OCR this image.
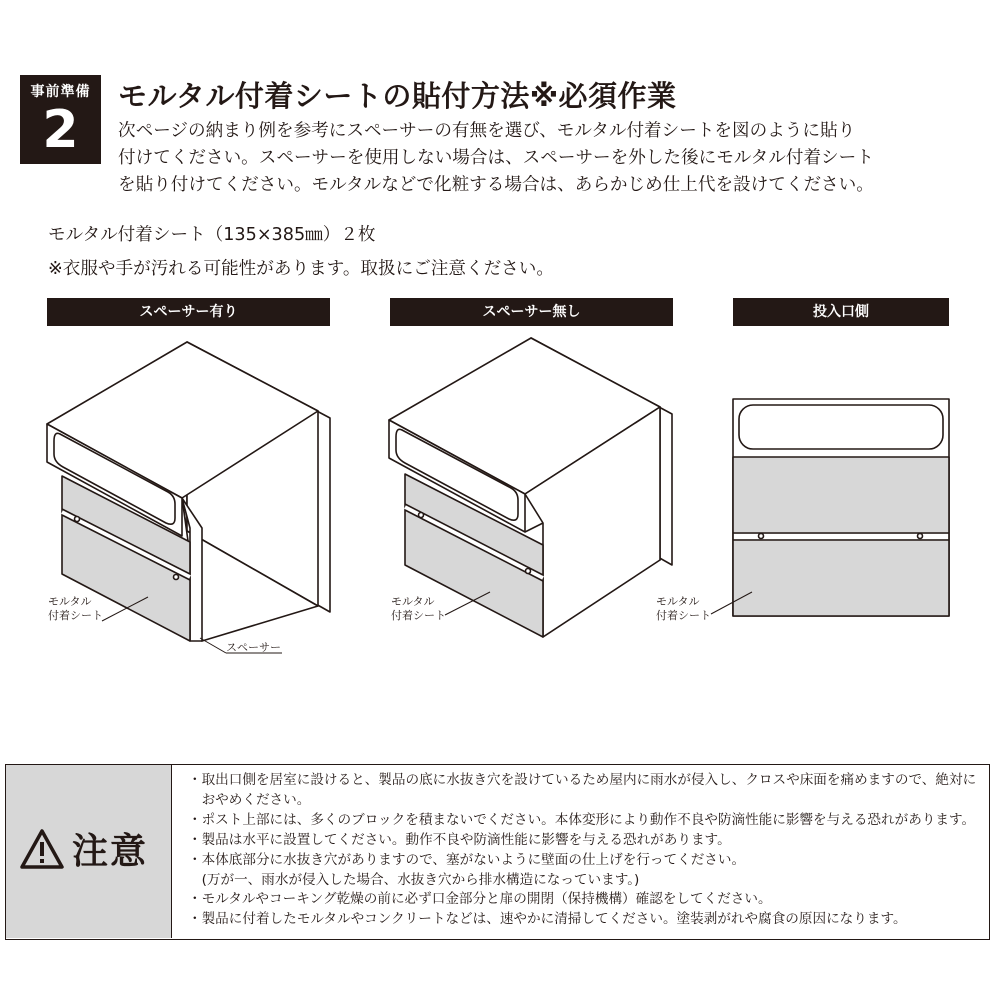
事前準備
2
モルタル付着シートの貼付方法※必須作業

次ページの納まり例を参考にスペーサーの有無を選び、モルタル付着シートを図のように貼り
付けてください。スペーサーを使用しない場合は、スペーサーを外した後にモルタル付着シート
を貼り付けてください。モルタルなどで化粧する場合は、あらかじめ仕上代を設けてください。

モルタル付着シート（135×385㎜）２枚
※衣服や手が汚れる可能性があります。取扱にご注意ください。

スペーサー有り	スペーサー無し	投入口側
モルタル
付着シート
スペーサー
モルタル
付着シート
モルタル
付着シート
注意
・取出口側を居室に設けると、製品の底に水抜き穴を設けているため屋内に雨水が侵入し、クロスや床面を痛めますので、絶対に
　おやめください。
・ポスト上部には、多くのブロックを積まないでください。本体変形により動作不良や防滴性能に影響を与える恐れがあります。
・製品は水平に設置してください。動作不良や防滴性能に影響を与える恐れがあります。
・本体底部分に水抜き穴がありますので、塞がないように壁面の仕上げを行ってください。
　(万が一、雨水が侵入した場合、水抜き穴から排水構造になっています。)
・モルタルやコーキング乾燥の前に必ず口金部分と扉の開閉（保持機構）確認をしてください。
・製品に付着したモルタルやコンクリートなどは、速やかに清掃してください。塗装剥がれや腐食の原因になります。
